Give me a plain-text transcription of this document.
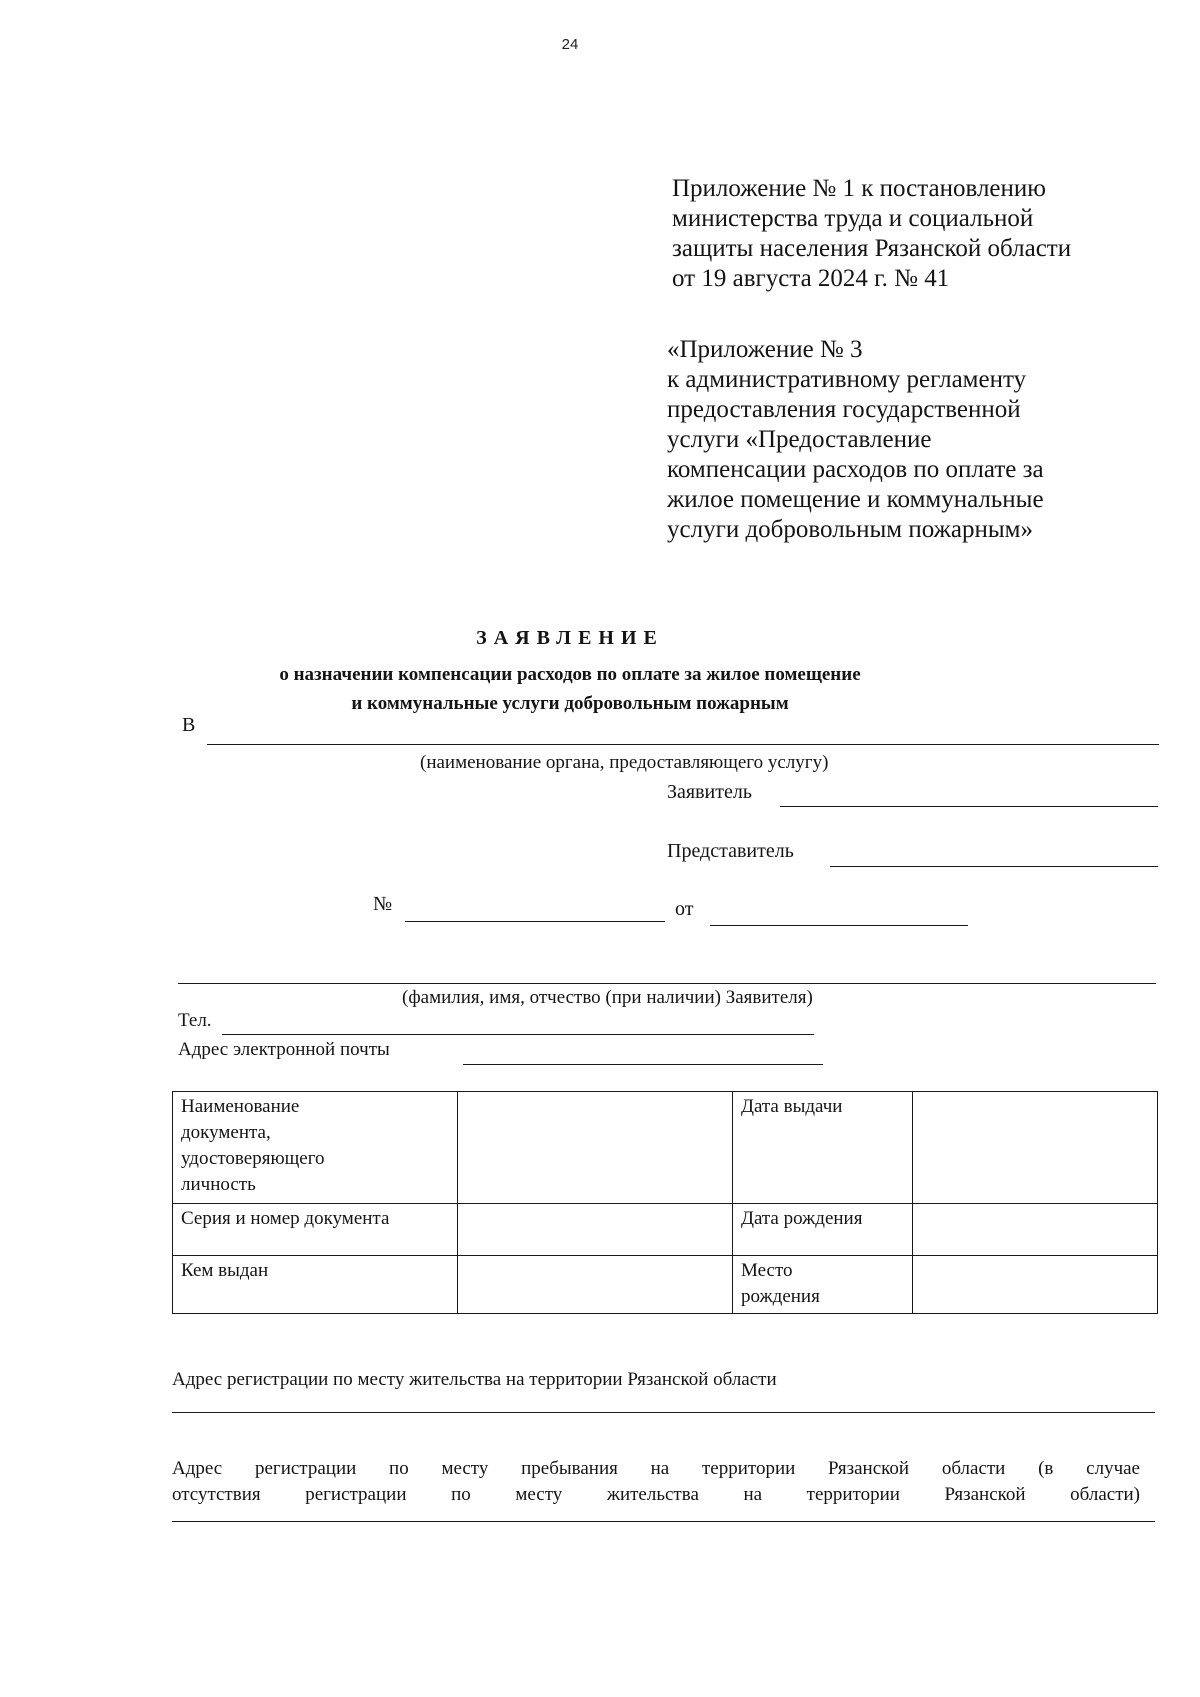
24
Приложение № 1 к постановлению
министерства труда и социальной
защиты населения Рязанской области
от 19 августа 2024 г. № 41
«Приложение № 3
к административному регламенту
предоставления государственной
услуги «Предоставление
компенсации расходов по оплате за
жилое помещение и коммунальные
услуги добровольным пожарным»
ЗАЯВЛЕНИЕ
о назначении компенсации расходов по оплате за жилое помещение
и коммунальные услуги добровольным пожарным
В
(наименование органа, предоставляющего услугу)
Заявитель
Представитель
№	от
(фамилия, имя, отчество (при наличии) Заявителя)
Тел.
Адрес электронной почты
Наименование
документа,
удостоверяющего
личность		Дата выдачи	
Серия и номер документа		Дата рождения	
Кем выдан		Место
рождения	

Адрес регистрации по месту жительства на территории Рязанской области
Адрес регистрации по месту пребывания на территории Рязанской области (в случае
отсутствия регистрации по месту жительства на территории Рязанской области)
